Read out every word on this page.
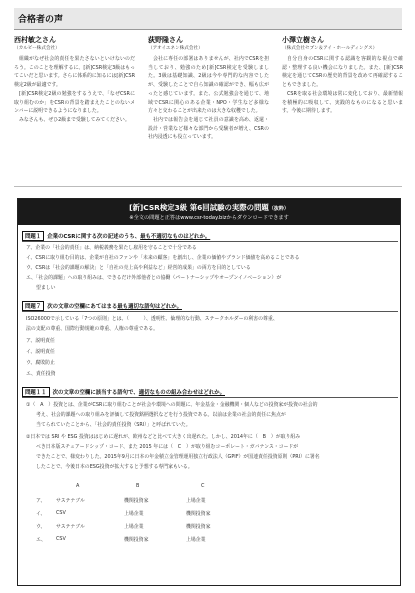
合格者の声
西村敏之さん
（カルビー株式会社）

組織がなぜ社会的責任を果たさないといけないのだろう。このことを理解するに、[新]CSR検定3級はもってこいだと思います。さらに体系的に知るには[新]CSR検定2級が最適です。

[新]CSR検定2級の勉強をするうえで、「なぜCSRに取り組むのか」をCSRの背景を踏まえたことのないメンバーに説明できるようになりました。

みなさんも、ぜひ2級まで受験してみてください。

荻野隆さん
（アオイエネン株式会社）

会社に専任の部署はありませんが、社内でCSRを担当しており、勉強のため[新]CSR検定を受験しました。3級は基礎知識、2級は今や専門的な内容でしたが、受験したことで自ら知識の確認ができ、幅も広がったと感じています。また、公式勉強会を通じて、地域でCSRに関心のある企業・NPO・学生など多様な方々と交わることが出来たのは大きな収穫でした。

社内では報告会を通じて社員の意識を高め、返還・設計・営業など様々な部門から受験者が増え、CSRの社内浸透にも役立っています。

小澤立樹さん
（株式会社セブン＆アイ・ホールディングス）

自分自身のCSRに関する認識を客観的な視点で確認・整理する良い機会になりました。また、[新]CSR検定を通じてCSRの歴史的背景を改めて再確認することもできました。

CSRを取る社会環境は常に変化しており、最新情報を積極的に吸収して、実践的なものになると思います。今後に期待します。

[新]CSR検定3級 第6回試験の実際の問題（抜粋）
※全文の問題と正答はwww.csr-today.bizからダウンロードできます
問題１ 企業のCSRに関する次の記述のうち、最も不適切なものはどれか。
ア、企業の「社会的責任」は、納税義務を果たし雇用を守ることで十分である
イ、CSRに取り組む目的は、企業が自社のファンや「未来の顧客」を創出し、企業の価値やブランド価値を高めることである
ウ、CSRは「社会的課題の解決」と「自社の売上高や利益など」経営的成果」の両方を目的としている
エ、「社会的課題」への取り組みは、できるだけ外部他者との協働（パートナーシップやオープンイノベーション）が
望ましい
問題７ 次の文章の空欄にあてはまる最も適切な語句はどれか。
ISO26000で示している「7つの原則」とは、（　　　）、透明性、倫理的な行動、ステークホルダーの利害の尊重、
法の支配の尊重、国際行動規範の尊重、人権の尊重である。
ア、説明責任
イ、説明責任
ウ、腐敗防止
エ、責任投資
問題１１ 次の文章の空欄に該当する語句で、適切なものの組み合わせはどれか。
①（　A　）投資とは、企業がCSRに取り組むことが社会や環境への問題に、年金基金・金融機関・個人などの投資家が投資の社会的
考え、社会的課題への取り組みを評価して投資銘柄選択などを行う投資である。以前は企業の社会的責任に焦点が
当てられていたことから、「社会的責任投資（SRI）」と呼ばれていた。
②日本では SRI や ESG 投資ははじめに遅れが、欧州などと比べて大きく出遅れた。しかし、2014年に（　B　）が取り組み
べき日本版スチュアードシップ・コード、また 2015 年には（　C　）が取り組むコーポレート・ガバナンス・コードが
できたことで、様変わりした。2015年9月に日本の年金積立金管理運用独立行政法人（GPIF）が国連責任投資原則（PRI）に署名
したことで、今後日本のESG投資が拡大すると予想する専門家もいる。
A	B	C
ア、 サステナブル	機関投資家	上場企業
イ、 CSV	上場企業	機関投資家
ウ、 サステナブル	上場企業	機関投資家
エ、 CSV	機関投資家	上場企業
